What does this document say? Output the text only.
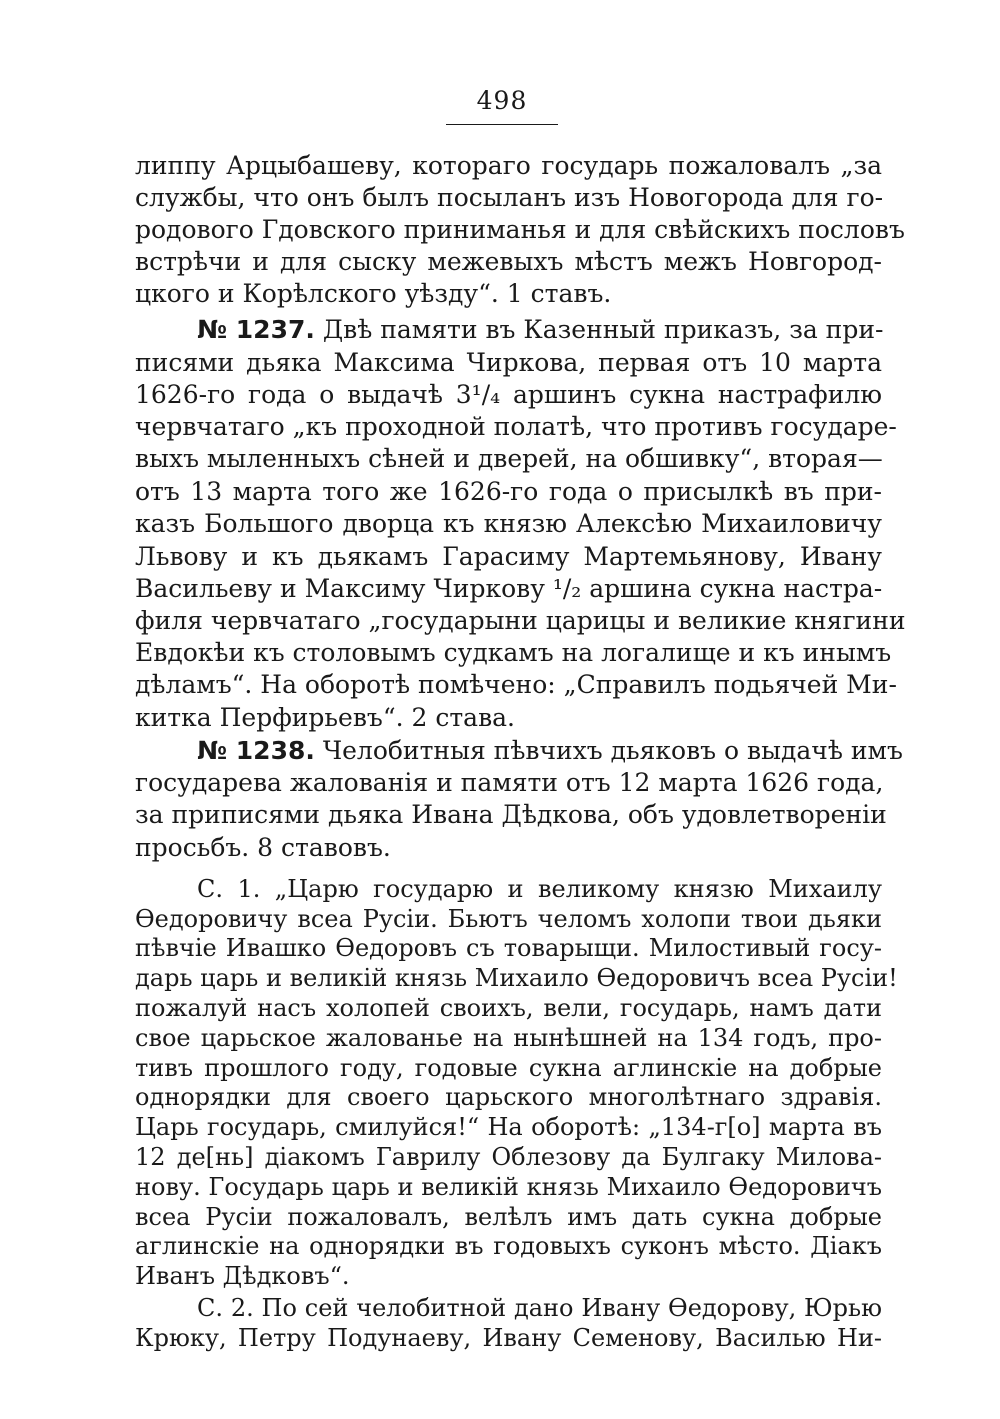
498
липпу Арцыбашеву, котораго государь пожаловалъ „за
службы, что онъ былъ посыланъ изъ Новогорода для го-
родового Гдовского приниманья и для свѣйскихъ пословъ
встрѣчи и для сыску межевыхъ мѣстъ межъ Новгород-
цкого и Корѣлского уѣзду“. 1 ставъ.
№ 1237. Двѣ памяти въ Казенный приказъ, за при-
писями дьяка Максима Чиркова, первая отъ 10 марта
1626-го года о выдачѣ 3¹/₄ аршинъ сукна настрафилю
червчатаго „къ проходной полатѣ, что противъ государе-
выхъ мыленныхъ сѣней и дверей, на обшивку“, вторая—
отъ 13 марта того же 1626-го года о присылкѣ въ при-
казъ Большого дворца къ князю Алексѣю Михаиловичу
Львову и къ дьякамъ Гарасиму Мартемьянову, Ивану
Васильеву и Максиму Чиркову ¹/₂ аршина сукна настра-
филя червчатаго „государыни царицы и великие княгини
Евдокѣи къ столовымъ судкамъ на логалище и къ инымъ
дѣламъ“. На оборотѣ помѣчено: „Справилъ подьячей Ми-
китка Перфирьевъ“. 2 става.
№ 1238. Челобитныя пѣвчихъ дьяковъ о выдачѣ имъ
государева жалованія и памяти отъ 12 марта 1626 года,
за приписями дьяка Ивана Дѣдкова, объ удовлетвореніи
просьбъ. 8 ставовъ.
С. 1. „Царю государю и великому князю Михаилу
Ѳедоровичу всеа Русіи. Бьютъ челомъ холопи твои дьяки
пѣвчіе Ивашко Ѳедоровъ съ товарыщи. Милостивый госу-
дарь царь и великій князь Михаило Ѳедоровичъ всеа Русіи!
пожалуй насъ холопей своихъ, вели, государь, намъ дати
свое царьское жалованье на нынѣшней на 134 годъ, про-
тивъ прошлого году, годовые сукна аглинскіе на добрые
однорядки для своего царьского многолѣтнаго здравія.
Царь государь, смилуйся!“ На оборотѣ: „134-г[о] марта въ
12 де[нь] діакомъ Гаврилу Облезову да Булгаку Милова-
нову. Государь царь и великій князь Михаило Ѳедоровичъ
всеа Русіи пожаловалъ, велѣлъ имъ дать сукна добрые
аглинскіе на однорядки въ годовыхъ суконъ мѣсто. Діакъ
Иванъ Дѣдковъ“.
С. 2. По сей челобитной дано Ивану Ѳедорову, Юрью
Крюку, Петру Подунаеву, Ивану Семенову, Василью Ни-
